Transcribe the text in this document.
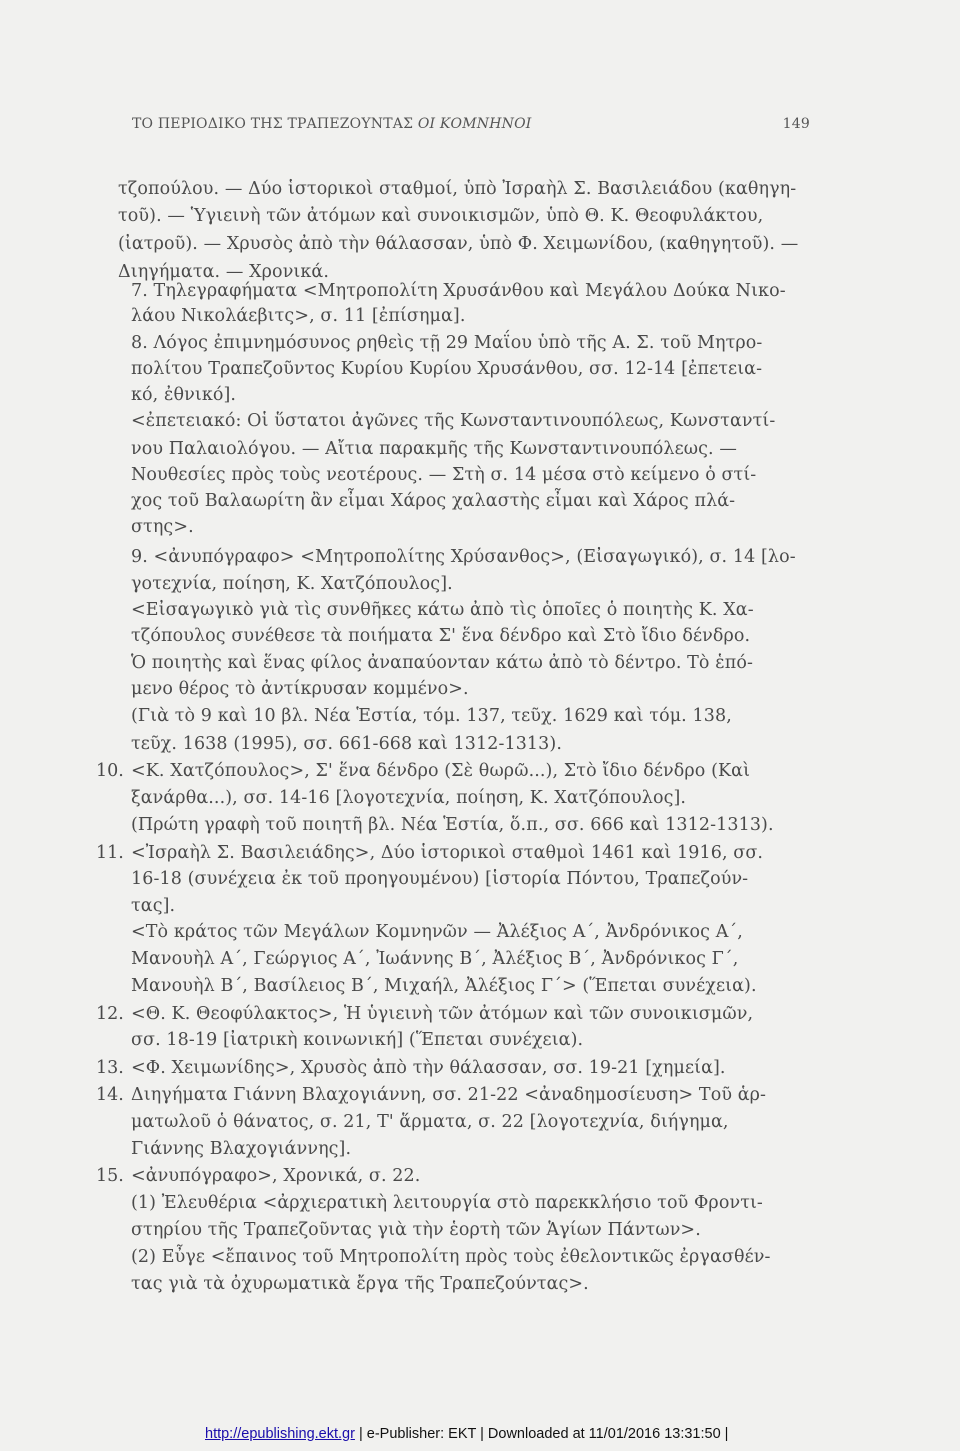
ΤΟ ΠΕΡΙΟΔΙΚΟ ΤΗΣ ΤΡΑΠΕΖΟΥΝΤΑΣ ΟΙ ΚΟΜΝΗΝΟΙ	149
τζοπούλου. — Δύο ἱστορικοὶ σταθμοί, ὑπὸ Ἰσραὴλ Σ. Βασιλειάδου (καθηγη-
τοῦ). — Ὑγιεινὴ τῶν ἀτόμων καὶ συνοικισμῶν, ὑπὸ Θ. Κ. Θεοφυλάκτου,
(ἰατροῦ). — Χρυσὸς ἀπὸ τὴν θάλασσαν, ὑπὸ Φ. Χειμωνίδου, (καθηγητοῦ). —
Διηγήματα. — Χρονικά.
7. Τηλεγραφήματα <Μητροπολίτη Χρυσάνθου καὶ Μεγάλου Δούκα Νικο-
λάου Νικολάεβιτς>, σ. 11 [ἐπίσημα].
8. Λόγος ἐπιμνημόσυνος ρηθεὶς τῇ 29 Μαΐου ὑπὸ τῆς Α. Σ. τοῦ Μητρο-
πολίτου Τραπεζοῦντος Κυρίου Κυρίου Χρυσάνθου, σσ. 12-14 [ἐπετεια-
κό, ἐθνικό].
<ἐπετειακό: Οἱ ὕστατοι ἀγῶνες τῆς Κωνσταντινουπόλεως, Κωνσταντί-
νου Παλαιολόγου. — Αἴτια παρακμῆς τῆς Κωνσταντινουπόλεως. —
Νουθεσίες πρὸς τοὺς νεοτέρους. — Στὴ σ. 14 μέσα στὸ κείμενο ὁ στί-
χος τοῦ Βαλαωρίτη ἂν εἶμαι Χάρος χαλαστὴς εἶμαι καὶ Χάρος πλά-
στης>.
9. <ἀνυπόγραφο> <Μητροπολίτης Χρύσανθος>, (Εἰσαγωγικό), σ. 14 [λο-
γοτεχνία, ποίηση, Κ. Χατζόπουλος].
<Εἰσαγωγικὸ γιὰ τὶς συνθῆκες κάτω ἀπὸ τὶς ὁποῖες ὁ ποιητὴς Κ. Χα-
τζόπουλος συνέθεσε τὰ ποιήματα Σ' ἕνα δένδρο καὶ Στὸ ἴδιο δένδρο.
Ὁ ποιητὴς καὶ ἕνας φίλος ἀναπαύονταν κάτω ἀπὸ τὸ δέντρο. Τὸ ἑπό-
μενο θέρος τὸ ἀντίκρυσαν κομμένο>.
(Γιὰ τὸ 9 καὶ 10 βλ. Νέα Ἑστία, τόμ. 137, τεῦχ. 1629 καὶ τόμ. 138,
τεῦχ. 1638 (1995), σσ. 661-668 καὶ 1312-1313).
10. <Κ. Χατζόπουλος>, Σ' ἕνα δένδρο (Σὲ θωρῶ...), Στὸ ἴδιο δένδρο (Καὶ
ξανάρθα...), σσ. 14-16 [λογοτεχνία, ποίηση, Κ. Χατζόπουλος].
(Πρώτη γραφὴ τοῦ ποιητῆ βλ. Νέα Ἑστία, ὅ.π., σσ. 666 καὶ 1312-1313).
11. <Ἰσραὴλ Σ. Βασιλειάδης>, Δύο ἱστορικοὶ σταθμοὶ 1461 καὶ 1916, σσ.
16-18 (συνέχεια ἐκ τοῦ προηγουμένου) [ἱστορία Πόντου, Τραπεζούν-
τας].
<Τὸ κράτος τῶν Μεγάλων Κομνηνῶν — Ἀλέξιος Α΄, Ἀνδρόνικος Α΄,
Μανουὴλ Α΄, Γεώργιος Α΄, Ἰωάννης Β΄, Ἀλέξιος Β΄, Ἀνδρόνικος Γ΄,
Μανουὴλ Β΄, Βασίλειος Β΄, Μιχαήλ, Ἀλέξιος Γ΄> (Ἕπεται συνέχεια).
12. <Θ. Κ. Θεοφύλακτος>, Ἡ ὑγιεινὴ τῶν ἀτόμων καὶ τῶν συνοικισμῶν,
σσ. 18-19 [ἰατρικὴ κοινωνική] (Ἕπεται συνέχεια).
13. <Φ. Χειμωνίδης>, Χρυσὸς ἀπὸ τὴν θάλασσαν, σσ. 19-21 [χημεία].
14. Διηγήματα Γιάννη Βλαχογιάννη, σσ. 21-22 <ἀναδημοσίευση> Τοῦ ἁρ-
ματωλοῦ ὁ θάνατος, σ. 21, Τ' ἅρματα, σ. 22 [λογοτεχνία, διήγημα,
Γιάννης Βλαχογιάννης].
15. <ἀνυπόγραφο>, Χρονικά, σ. 22.
(1) Ἐλευθέρια <ἀρχιερατικὴ λειτουργία στὸ παρεκκλήσιο τοῦ Φροντι-
στηρίου τῆς Τραπεζοῦντας γιὰ τὴν ἑορτὴ τῶν Ἁγίων Πάντων>.
(2) Εὖγε <ἔπαινος τοῦ Μητροπολίτη πρὸς τοὺς ἐθελοντικῶς ἐργασθέν-
τας γιὰ τὰ ὀχυρωματικὰ ἔργα τῆς Τραπεζούντας>.
http://epublishing.ekt.gr | e-Publisher: EKT | Downloaded at 11/01/2016 13:31:50 |
